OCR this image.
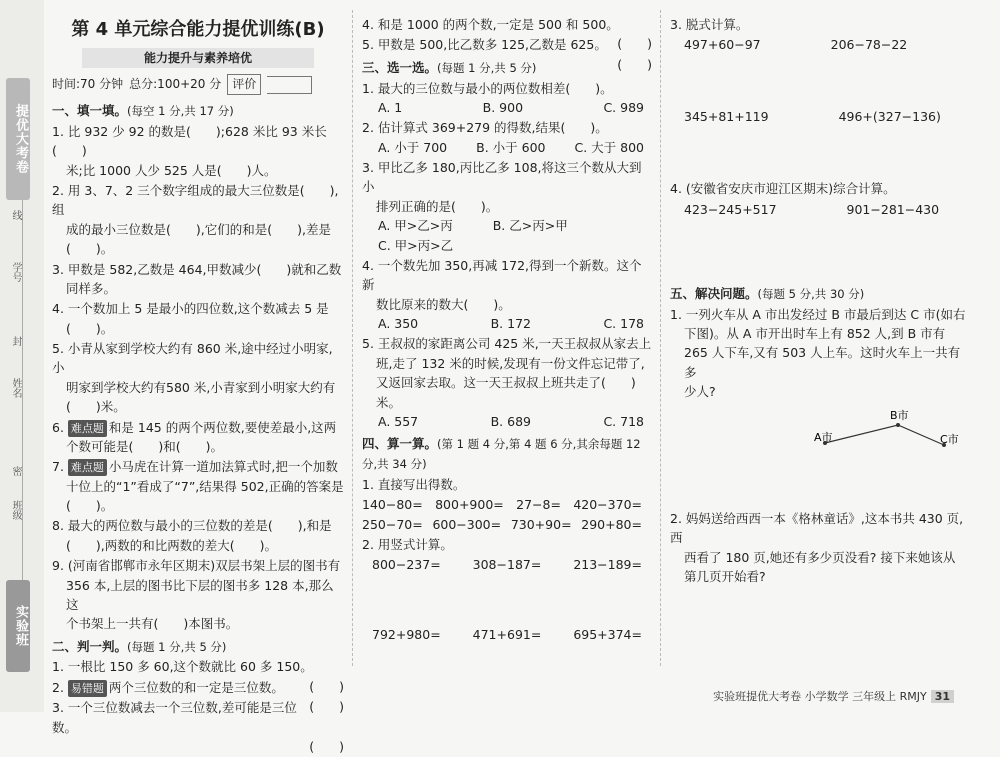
提优大考卷
线
学号
封
姓名
密
班级
实验班
第 4 单元综合能力提优训练(B)
能力提升与素养培优
时间:70 分钟 总分:100+20 分 评价
一、填一填。(每空 1 分,共 17 分)
1. 比 932 少 92 的数是(　　);628 米比 93 米长(　　)
米;比 1000 人少 525 人是(　　)人。
2. 用 3、7、2 三个数字组成的最大三位数是(　　),组
成的最小三位数是(　　),它们的和是(　　),差是
(　　)。
3. 甲数是 582,乙数是 464,甲数减少(　　)就和乙数
同样多。
4. 一个数加上 5 是最小的四位数,这个数减去 5 是
(　　)。
5. 小青从家到学校大约有 860 米,途中经过小明家,小
明家到学校大约有580 米,小青家到小明家大约有
(　　)米。
6. 难点题 和是 145 的两个两位数,要使差最小,这两
个数可能是(　　)和(　　)。
7. 难点题 小马虎在计算一道加法算式时,把一个加数
十位上的“1”看成了“7”,结果得 502,正确的答案是
(　　)。
8. 最大的两位数与最小的三位数的差是(　　),和是
(　　),两数的和比两数的差大(　　)。
9. (河南省邯郸市永年区期末)双层书架上层的图书有
356 本,上层的图书比下层的图书多 128 本,那么这
个书架上一共有(　　)本图书。
二、判一判。(每题 1 分,共 5 分)
1. 一根比 150 多 60,这个数就比 60 多 150。
(　　)
2. 易错题 两个三位数的和一定是三位数。
(　　)
3. 一个三位数减去一个三位数,差可能是三位数。
(　　)
4. 和是 1000 的两个数,一定是 500 和 500。
(　　)
5. 甲数是 500,比乙数多 125,乙数是 625。
(　　)
三、选一选。(每题 1 分,共 5 分)
1. 最大的三位数与最小的两位数相差(　　)。
A. 1	B. 900	C. 989
2. 估计算式 369+279 的得数,结果(　　)。
A. 小于 700 B. 小于 600 C. 大于 800
3. 甲比乙多 180,丙比乙多 108,将这三个数从大到小
排列正确的是(　　)。
A. 甲>乙>丙	B. 乙>丙>甲
C. 甲>丙>乙
4. 一个数先加 350,再减 172,得到一个新数。这个新
数比原来的数大(　　)。
A. 350	B. 172	C. 178
5. 王叔叔的家距离公司 425 米,一天王叔叔从家去上
班,走了 132 米的时候,发现有一份文件忘记带了,
又返回家去取。这一天王叔叔上班共走了(　　)
米。
A. 557	B. 689	C. 718
四、算一算。(第 1 题 4 分,第 4 题 6 分,其余每题 12 分,共 34 分)
1. 直接写出得数。
140−80= 800+900= 27−8= 420−370=
250−70= 600−300= 730+90= 290+80=
2. 用竖式计算。
800−237=	308−187=	213−189=
792+980=	471+691=	695+374=
3. 脱式计算。
497+60−97	206−78−22
345+81+119	496+(327−136)
4. (安徽省安庆市迎江区期末)综合计算。
423−245+517	901−281−430
五、解决问题。(每题 5 分,共 30 分)
1. 一列火车从 A 市出发经过 B 市最后到达 C 市(如右
下图)。从 A 市开出时车上有 852 人,到 B 市有
265 人下车,又有 503 人上车。这时火车上一共有多
少人?
A市
B市
C市
2. 妈妈送给西西一本《格林童话》,这本书共 430 页,西
西看了 180 页,她还有多少页没看? 接下来她该从
第几页开始看?
实验班提优大考卷 小学数学 三年级上 RMJY 31
